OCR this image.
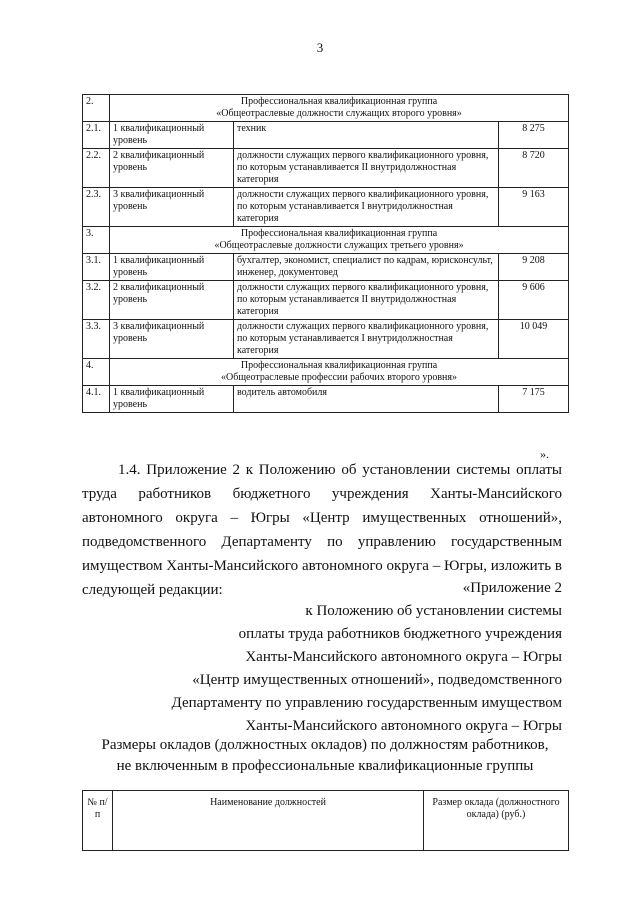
3
2.	Профессиональная квалификационная группа
«Общеотраслевые должности служащих второго уровня»		

2.1.	1 квалификационный уровень	техник	8 275
2.2.	2 квалификационный уровень	должности служащих первого квалификационного уровня, по которым устанавливается II внутридолжностная категория	8 720
2.3.	3 квалификационный уровень	должности служащих первого квалификационного уровня, по которым устанавливается I внутридолжностная категория	9 163
3.	Профессиональная квалификационная группа
«Общеотраслевые должности служащих третьего уровня»		

3.1.	1 квалификационный уровень	бухгалтер, экономист, специалист по кадрам, юрисконсульт, инженер, документовед	9 208
3.2.	2 квалификационный уровень	должности служащих первого квалификационного уровня, по которым устанавливается II внутридолжностная категория	9 606
3.3.	3 квалификационный уровень	должности служащих первого квалификационного уровня, по которым устанавливается I внутридолжностная категория	10 049
4.	Профессиональная квалификационная группа
«Общеотраслевые профессии рабочих второго уровня»		

4.1.	1 квалификационный уровень	водитель автомобиля	7 175
».
1.4. Приложение 2 к Положению об установлении системы оплаты труда работников бюджетного учреждения Ханты-Мансийского автономного округа – Югры «Центр имущественных отношений», подведомственного Департаменту по управлению государственным имуществом Ханты-Мансийского автономного округа – Югры, изложить в следующей редакции:	«Приложение 2
к Положению об установлении системы
оплаты труда работников бюджетного учреждения
Ханты-Мансийского автономного округа – Югры
«Центр имущественных отношений», подведомственного
Департаменту по управлению государственным имуществом
Ханты-Мансийского автономного округа – Югры
Размеры окладов (должностных окладов) по должностям работников,
не включенным в профессиональные квалификационные группы
№ п/п	Наименование должностей	Размер оклада (должностного оклада) (руб.)
